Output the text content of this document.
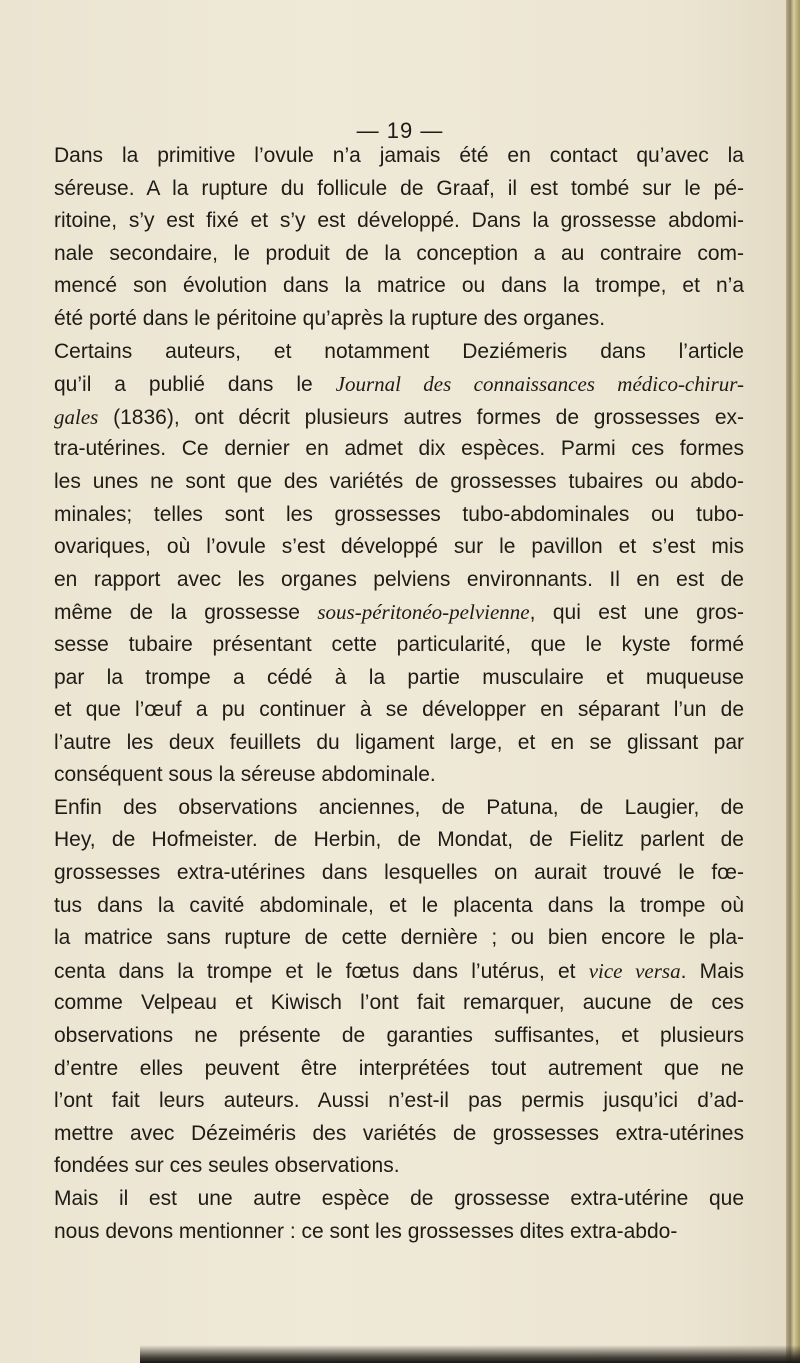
— 19 —
Dans la primitive l’ovule n’a jamais été en contact qu’avec la
séreuse. A la rupture du follicule de Graaf, il est tombé sur le pé-
ritoine, s’y est fixé et s’y est développé. Dans la grossesse abdomi-
nale secondaire, le produit de la conception a au contraire com-
mencé son évolution dans la matrice ou dans la trompe, et n’a
été porté dans le péritoine qu’après la rupture des organes.
Certains auteurs, et notamment Deziémeris dans l’article
qu’il a publié dans le Journal des connaissances médico-chirur-
gales (1836), ont décrit plusieurs autres formes de grossesses ex-
tra-utérines. Ce dernier en admet dix espèces. Parmi ces formes
les unes ne sont que des variétés de grossesses tubaires ou abdo-
minales; telles sont les grossesses tubo-abdominales ou tubo-
ovariques, où l’ovule s’est développé sur le pavillon et s’est mis
en rapport avec les organes pelviens environnants. Il en est de
même de la grossesse sous-péritonéo-pelvienne, qui est une gros-
sesse tubaire présentant cette particularité, que le kyste formé
par la trompe a cédé à la partie musculaire et muqueuse
et que l’œuf a pu continuer à se développer en séparant l’un de
l’autre les deux feuillets du ligament large, et en se glissant par
conséquent sous la séreuse abdominale.
Enfin des observations anciennes, de Patuna, de Laugier, de
Hey, de Hofmeister. de Herbin, de Mondat, de Fielitz parlent de
grossesses extra-utérines dans lesquelles on aurait trouvé le fœ-
tus dans la cavité abdominale, et le placenta dans la trompe où
la matrice sans rupture de cette dernière ; ou bien encore le pla-
centa dans la trompe et le fœtus dans l’utérus, et vice versa. Mais
comme Velpeau et Kiwisch l’ont fait remarquer, aucune de ces
observations ne présente de garanties suffisantes, et plusieurs
d’entre elles peuvent être interprétées tout autrement que ne
l’ont fait leurs auteurs. Aussi n’est-il pas permis jusqu’ici d’ad-
mettre avec Dézeiméris des variétés de grossesses extra-utérines
fondées sur ces seules observations.
Mais il est une autre espèce de grossesse extra-utérine que
nous devons mentionner : ce sont les grossesses dites extra-abdo-
